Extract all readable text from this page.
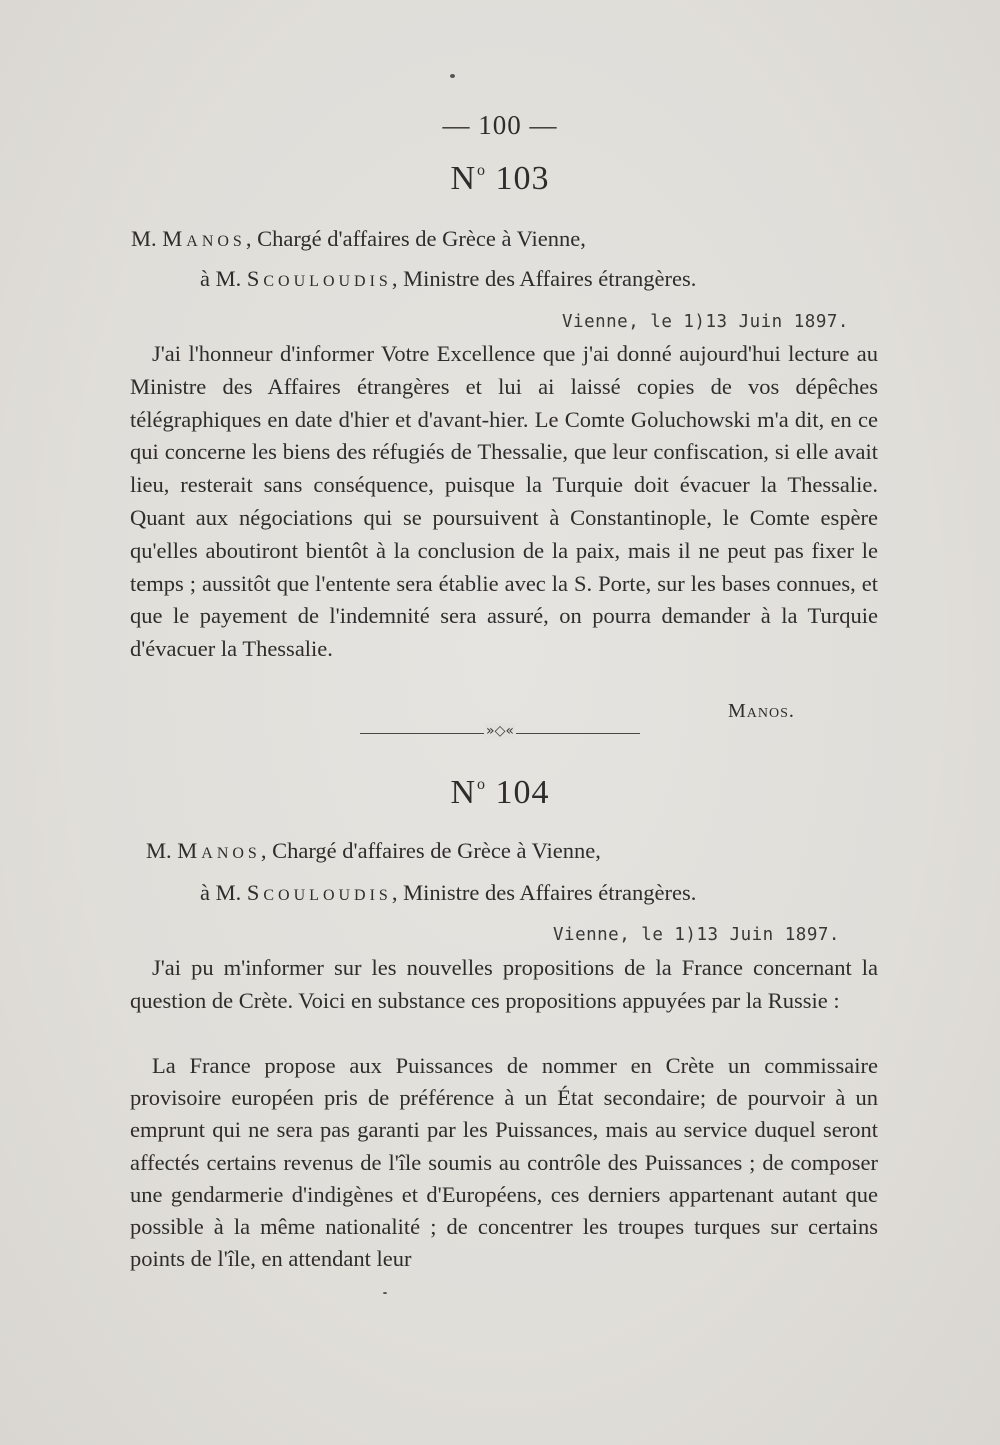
— 100 —
$N^o$ 103
M. Manos, Chargé d'affaires de Grèce à Vienne,
à M. Scouloudis, Ministre des Affaires étrangères.
Vienne, le 1)13 Juin 1897.
J'ai l'honneur d'informer Votre Excellence que j'ai donné aujourd'hui lecture au Ministre des Affaires étrangères et lui ai laissé copies de vos dépêches télégraphiques en date d'hier et d'avant-hier. Le Comte Goluchowski m'a dit, en ce qui concerne les biens des réfugiés de Thessalie, que leur confiscation, si elle avait lieu, resterait sans conséquence, puisque la Turquie doit évacuer la Thessalie. Quant aux négociations qui se poursuivent à Constantinople, le Comte espère qu'elles aboutiront bientôt à la conclusion de la paix, mais il ne peut pas fixer le temps ; aussitôt que l'entente sera établie avec la S. Porte, sur les bases connues, et que le payement de l'indemnité sera assuré, on pourra demander à la Turquie d'évacuer la Thessalie.
Manos.
»◇«
$N^o$ 104
M. Manos, Chargé d'affaires de Grèce à Vienne,
à M. Scouloudis, Ministre des Affaires étrangères.
Vienne, le 1)13 Juin 1897.
J'ai pu m'informer sur les nouvelles propositions de la France concernant la question de Crète. Voici en substance ces propositions appuyées par la Russie :
La France propose aux Puissances de nommer en Crète un commissaire provisoire européen pris de préférence à un État secondaire; de pourvoir à un emprunt qui ne sera pas garanti par les Puissances, mais au service duquel seront affectés certains revenus de l'île soumis au contrôle des Puissances ; de composer une gendarmerie d'indigènes et d'Européens, ces derniers appartenant autant que possible à la même nationalité ; de concentrer les troupes turques sur certains points de l'île, en attendant leur
